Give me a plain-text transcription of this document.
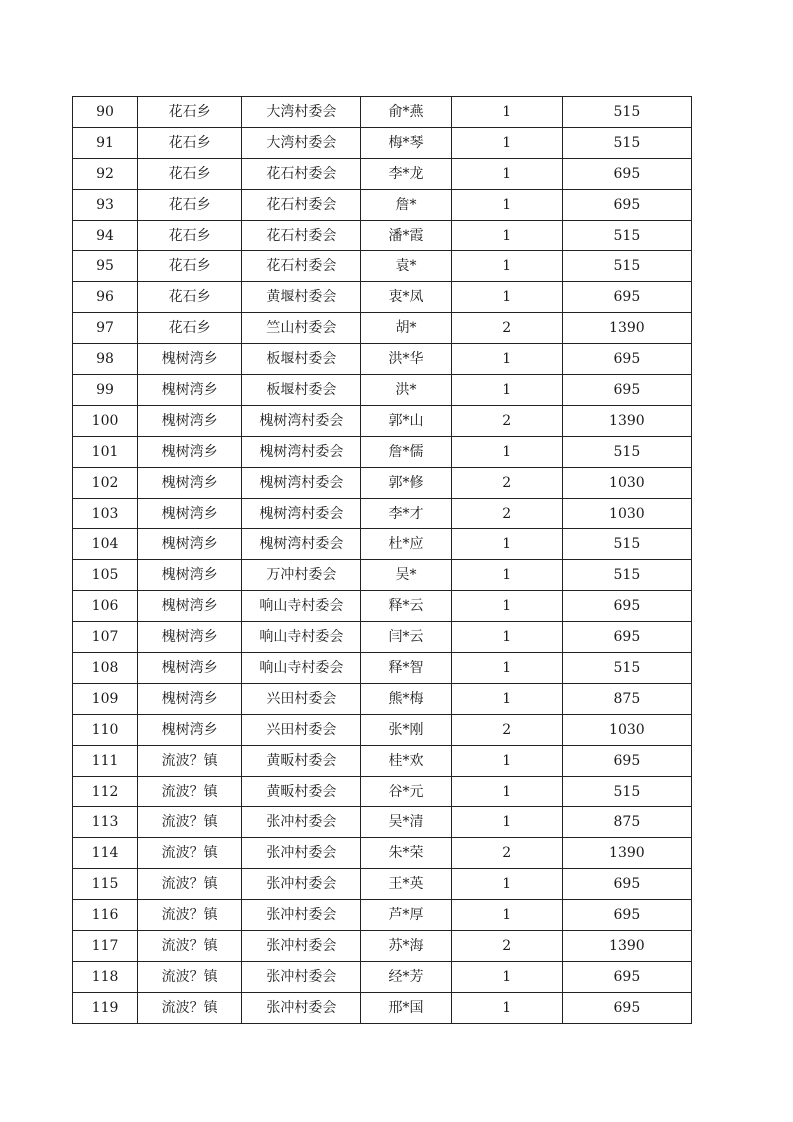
90	花石乡	大湾村委会	俞*燕	1	515
91	花石乡	大湾村委会	梅*琴	1	515
92	花石乡	花石村委会	李*龙	1	695
93	花石乡	花石村委会	詹*	1	695
94	花石乡	花石村委会	潘*霞	1	515
95	花石乡	花石村委会	袁*	1	515
96	花石乡	黄堰村委会	衷*凤	1	695
97	花石乡	竺山村委会	胡*	2	1390
98	槐树湾乡	板堰村委会	洪*华	1	695
99	槐树湾乡	板堰村委会	洪*	1	695
100	槐树湾乡	槐树湾村委会	郭*山	2	1390
101	槐树湾乡	槐树湾村委会	詹*儒	1	515
102	槐树湾乡	槐树湾村委会	郭*修	2	1030
103	槐树湾乡	槐树湾村委会	李*才	2	1030
104	槐树湾乡	槐树湾村委会	杜*应	1	515
105	槐树湾乡	万冲村委会	吴*	1	515
106	槐树湾乡	响山寺村委会	释*云	1	695
107	槐树湾乡	响山寺村委会	闫*云	1	695
108	槐树湾乡	响山寺村委会	释*智	1	515
109	槐树湾乡	兴田村委会	熊*梅	1	875
110	槐树湾乡	兴田村委会	张*刚	2	1030
111	流波？镇	黄畈村委会	桂*欢	1	695
112	流波？镇	黄畈村委会	谷*元	1	515
113	流波？镇	张冲村委会	吴*清	1	875
114	流波？镇	张冲村委会	朱*荣	2	1390
115	流波？镇	张冲村委会	王*英	1	695
116	流波？镇	张冲村委会	芦*厚	1	695
117	流波？镇	张冲村委会	苏*海	2	1390
118	流波？镇	张冲村委会	经*芳	1	695
119	流波？镇	张冲村委会	邢*国	1	695
